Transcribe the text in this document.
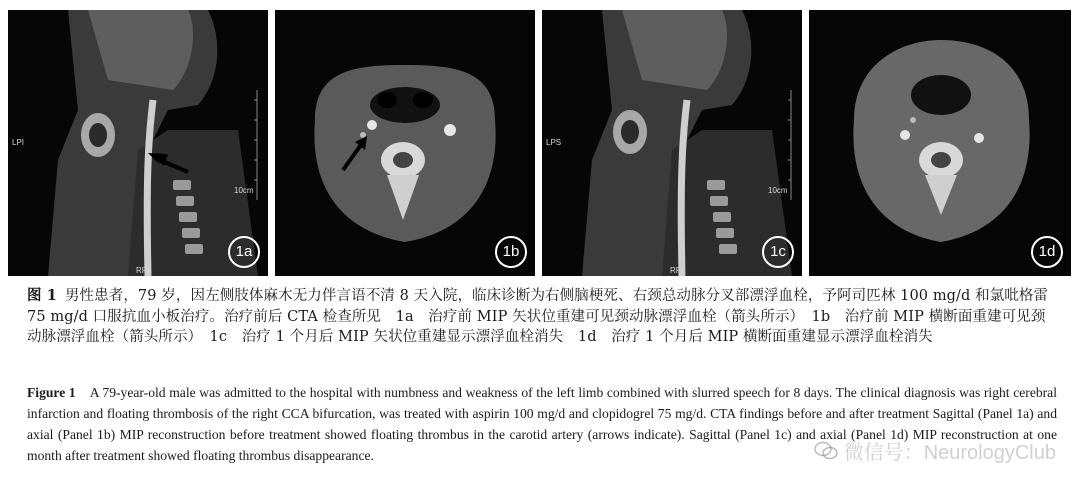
LPI
10cm
RPI
1a	1b
LPS
10cm
RPI
1c	1d
图 1 男性患者，79 岁，因左侧肢体麻木无力伴言语不清 8 天入院，临床诊断为右侧脑梗死、右颈总动脉分叉部漂浮血栓，予阿司匹林 100 mg/d 和氯吡格雷 75 mg/d 口服抗血小板治疗。治疗前后 CTA 检查所见　1a　治疗前 MIP 矢状位重建可见颈动脉漂浮血栓（箭头所示）　1b　治疗前 MIP 横断面重建可见颈动脉漂浮血栓（箭头所示）　1c　治疗 1 个月后 MIP 矢状位重建显示漂浮血栓消失　1d　治疗 1 个月后 MIP 横断面重建显示漂浮血栓消失
Figure 1 A 79-year-old male was admitted to the hospital with numbness and weakness of the left limb combined with slurred speech for 8 days. The clinical diagnosis was right cerebral infarction and floating thrombosis of the right CCA bifurcation, was treated with aspirin 100 mg/d and clopidogrel 75 mg/d. CTA findings before and after treatment Sagittal (Panel 1a) and axial (Panel 1b) MIP reconstruction before treatment showed floating thrombus in the carotid artery (arrows indicate). Sagittal (Panel 1c) and axial (Panel 1d) MIP reconstruction at one month after treatment showed floating thrombus disappearance.	微信号：NeurologyClub
